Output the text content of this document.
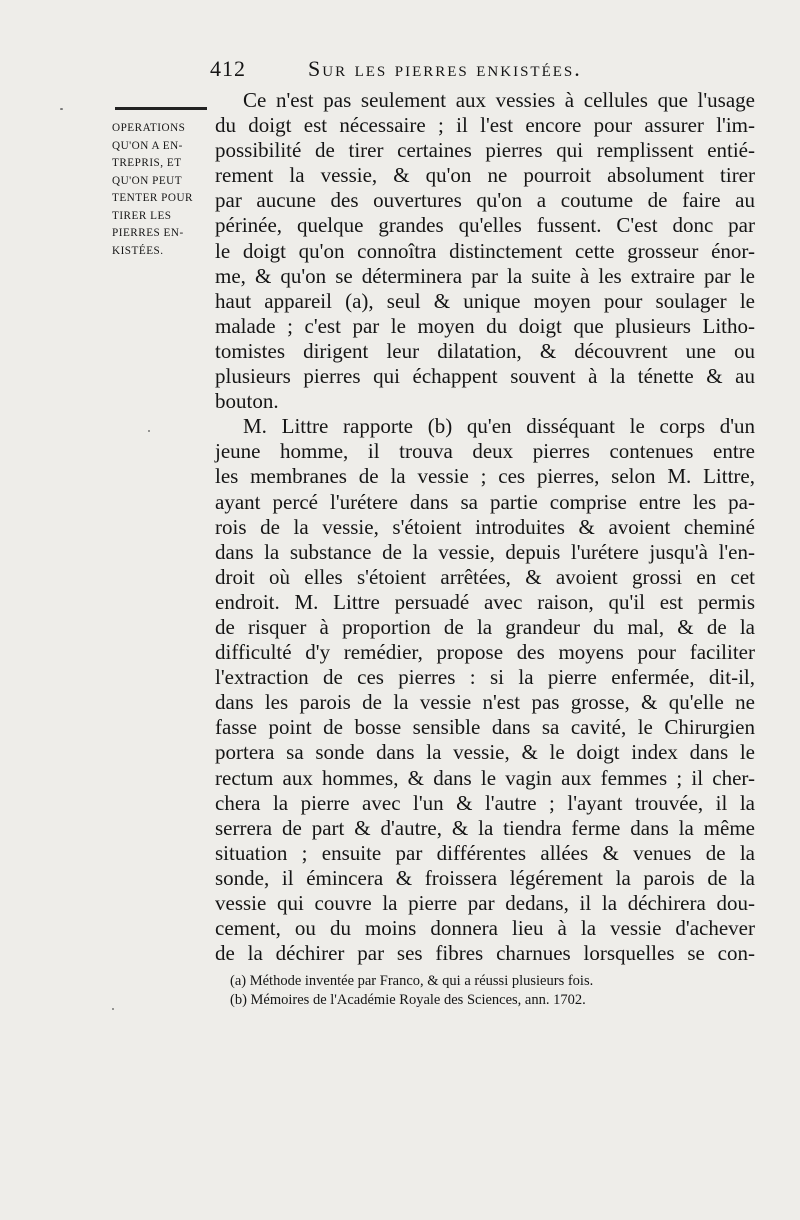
412	Sur les pierres enkistées.
OPERATIONS
QU'ON A EN-
TREPRIS, ET
QU'ON PEUT
TENTER POUR
TIRER LES
PIERRES EN-
KISTÉES.
Ce n'est pas seulement aux vessies à cellules que l'usage
du doigt est nécessaire ; il l'est encore pour assurer l'im-
possibilité de tirer certaines pierres qui remplissent entié-
rement la vessie, & qu'on ne pourroit absolument tirer
par aucune des ouvertures qu'on a coutume de faire au
périnée, quelque grandes qu'elles fussent. C'est donc par
le doigt qu'on connoîtra distinctement cette grosseur énor-
me, & qu'on se déterminera par la suite à les extraire par le
haut appareil (a), seul & unique moyen pour soulager le
malade ; c'est par le moyen du doigt que plusieurs Litho-
tomistes dirigent leur dilatation, & découvrent une ou
plusieurs pierres qui échappent souvent à la ténette & au
bouton.
M. Littre rapporte (b) qu'en disséquant le corps d'un
jeune homme, il trouva deux pierres contenues entre
les membranes de la vessie ; ces pierres, selon M. Littre,
ayant percé l'urétere dans sa partie comprise entre les pa-
rois de la vessie, s'étoient introduites & avoient cheminé
dans la substance de la vessie, depuis l'urétere jusqu'à l'en-
droit où elles s'étoient arrêtées, & avoient grossi en cet
endroit. M. Littre persuadé avec raison, qu'il est permis
de risquer à proportion de la grandeur du mal, & de la
difficulté d'y remédier, propose des moyens pour faciliter
l'extraction de ces pierres : si la pierre enfermée, dit-il,
dans les parois de la vessie n'est pas grosse, & qu'elle ne
fasse point de bosse sensible dans sa cavité, le Chirurgien
portera sa sonde dans la vessie, & le doigt index dans le
rectum aux hommes, & dans le vagin aux femmes ; il cher-
chera la pierre avec l'un & l'autre ; l'ayant trouvée, il la
serrera de part & d'autre, & la tiendra ferme dans la même
situation ; ensuite par différentes allées & venues de la
sonde, il émincera & froissera légérement la parois de la
vessie qui couvre la pierre par dedans, il la déchirera dou-
cement, ou du moins donnera lieu à la vessie d'achever
de la déchirer par ses fibres charnues lorsquelles se con-
(a) Méthode inventée par Franco, & qui a réussi plusieurs fois.
(b) Mémoires de l'Académie Royale des Sciences, ann. 1702.
